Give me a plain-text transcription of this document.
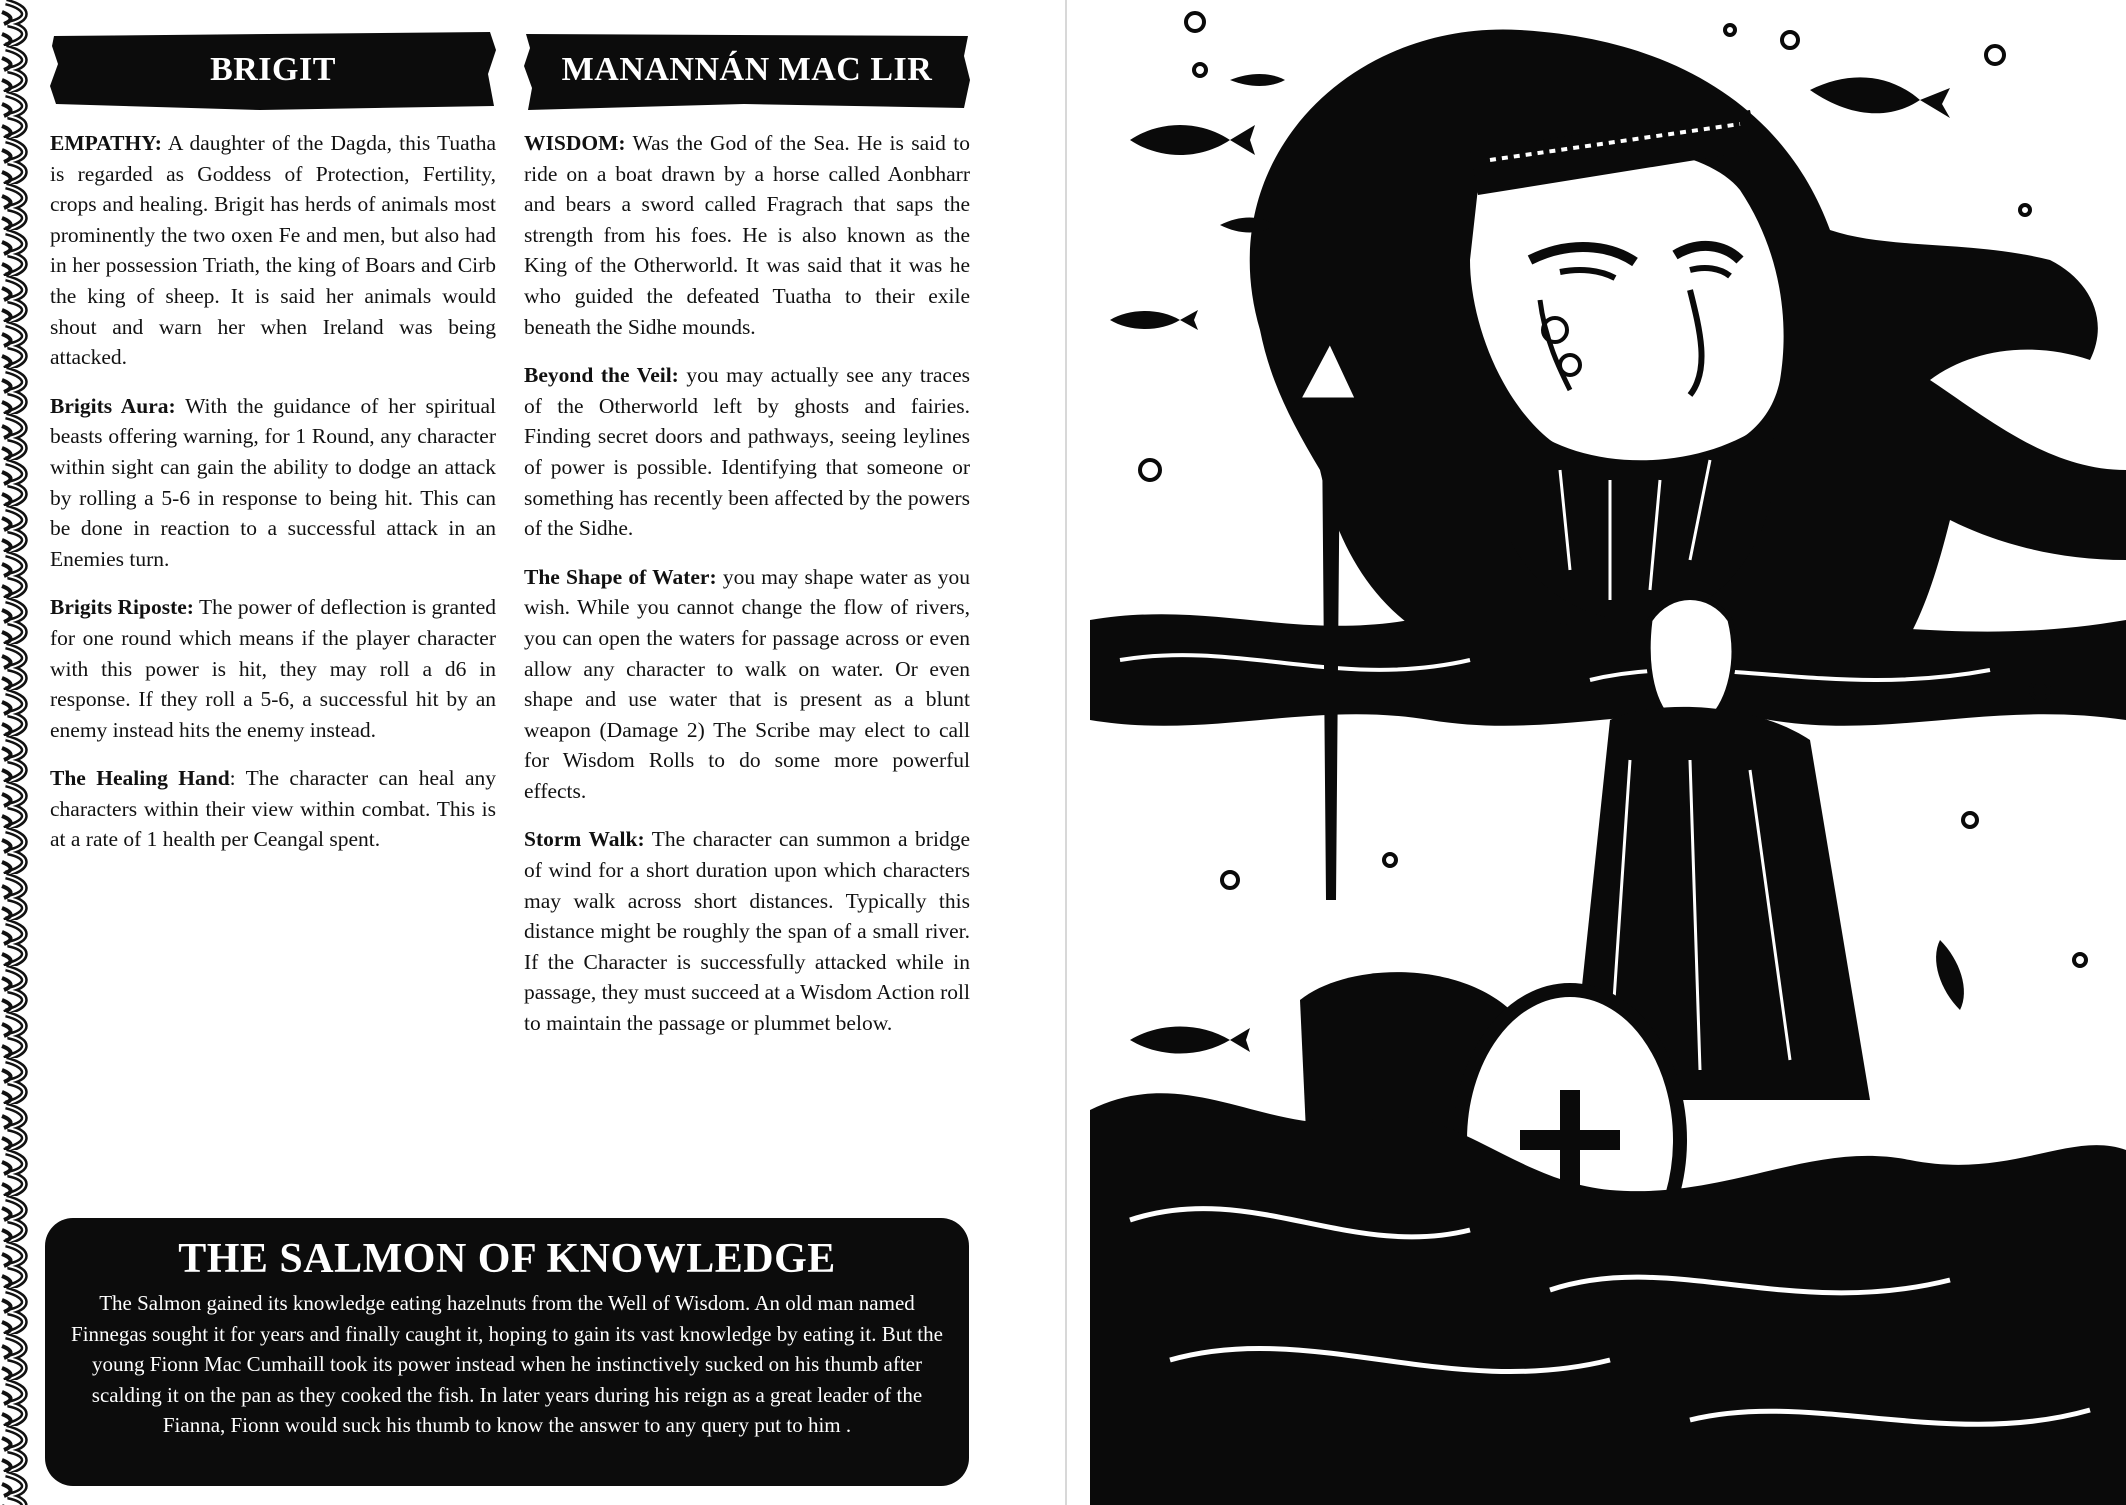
BRIGIT

EMPATHY: A daughter of the Dagda, this Tuatha is regarded as Goddess of Protection, Fertility, crops and healing. Brigit has herds of animals most prominently the two oxen Fe and men, but also had in her possession Triath, the king of Boars and Cirb the king of sheep. It is said her animals would shout and warn her when Ireland was being attacked.

Brigits Aura: With the guidance of her spiritual beasts offering warning, for 1 Round, any character within sight can gain the ability to dodge an attack by rolling a 5-6 in response to being hit. This can be done in reaction to a successful attack in an Enemies turn.

Brigits Riposte: The power of deflection is granted for one round which means if the player character with this power is hit, they may roll a d6 in response. If they roll a 5-6, a successful hit by an enemy instead hits the enemy instead.

The Healing Hand: The character can heal any characters within their view within combat. This is at a rate of 1 health per Ceangal spent.

MANANNÁN MAC LIR

WISDOM: Was the God of the Sea. He is said to ride on a boat drawn by a horse called Aonbharr and bears a sword called Fragrach that saps the strength from his foes. He is also known as the King of the Otherworld. It was said that it was he who guided the defeated Tuatha to their exile beneath the Sidhe mounds.

Beyond the Veil: you may actually see any traces of the Otherworld left by ghosts and fairies. Finding secret doors and pathways, seeing leylines of power is possible. Identifying that someone or something has recently been affected by the powers of the Sidhe.

The Shape of Water: you may shape water as you wish. While you cannot change the flow of rivers, you can open the waters for passage across or even allow any character to walk on water. Or even shape and use water that is present as a blunt weapon (Damage 2) The Scribe may elect to call for Wisdom Rolls to do some more powerful effects.

Storm Walk: The character can summon a bridge of wind for a short duration upon which characters may walk across short distances. Typically this distance might be roughly the span of a small river. If the Character is successfully attacked while in passage, they must succeed at a Wisdom Action roll to maintain the passage or plummet below.

THE SALMON OF KNOWLEDGE

The Salmon gained its knowledge eating hazelnuts from the Well of Wisdom. An old man named Finnegas sought it for years and finally caught it, hoping to gain its vast knowledge by eating it. But the young Fionn Mac Cumhaill took its power instead when he instinctively sucked on his thumb after scalding it on the pan as they cooked the fish. In later years during his reign as a great leader of the Fianna, Fionn would suck his thumb to know the answer to any query put to him .
